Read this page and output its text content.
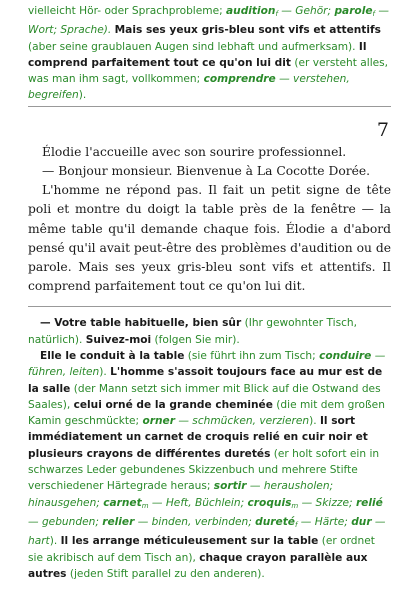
vielleicht Hör- oder Sprachprobleme; audition$_f$ — Gehör; parole$_f$ — Wort; Sprache). Mais ses yeux gris-bleu sont vifs et attentifs (aber seine graublauen Augen sind lebhaft und aufmerksam). Il comprend parfaitement tout ce qu'on lui dit (er versteht alles, was man ihm sagt, vollkommen; comprendre — verstehen, begreifen).

7

Élodie l'accueille avec son sourire professionnel.

— Bonjour monsieur. Bienvenue à La Cocotte Dorée.

L'homme ne répond pas. Il fait un petit signe de tête poli et montre du doigt la table près de la fenêtre — la même table qu'il demande chaque fois. Élodie a d'abord pensé qu'il avait peut-être des problèmes d'audition ou de parole. Mais ses yeux gris-bleu sont vifs et attentifs. Il comprend parfaitement tout ce qu'on lui dit.

— Votre table habituelle, bien sûr (Ihr gewohnter Tisch, natürlich). Suivez-moi (folgen Sie mir).

Elle le conduit à la table (sie führt ihn zum Tisch; conduire — führen, leiten). L'homme s'assoit toujours face au mur est de la salle (der Mann setzt sich immer mit Blick auf die Ostwand des Saales), celui orné de la grande cheminée (die mit dem großen Kamin geschmückte; orner — schmücken, verzieren). Il sort immédiatement un carnet de croquis relié en cuir noir et plusieurs crayons de différentes duretés (er holt sofort ein in schwarzes Leder gebundenes Skizzenbuch und mehrere Stifte verschiedener Härtegrade heraus; sortir — herausholen; hinausgehen; carnet$_m$ — Heft, Büchlein; croquis$_m$ — Skizze; relié — gebunden; relier — binden, verbinden; dureté$_f$ — Härte; dur — hart). Il les arrange méticuleusement sur la table (er ordnet sie akribisch auf dem Tisch an), chaque crayon parallèle aux autres (jeden Stift parallel zu den anderen).
